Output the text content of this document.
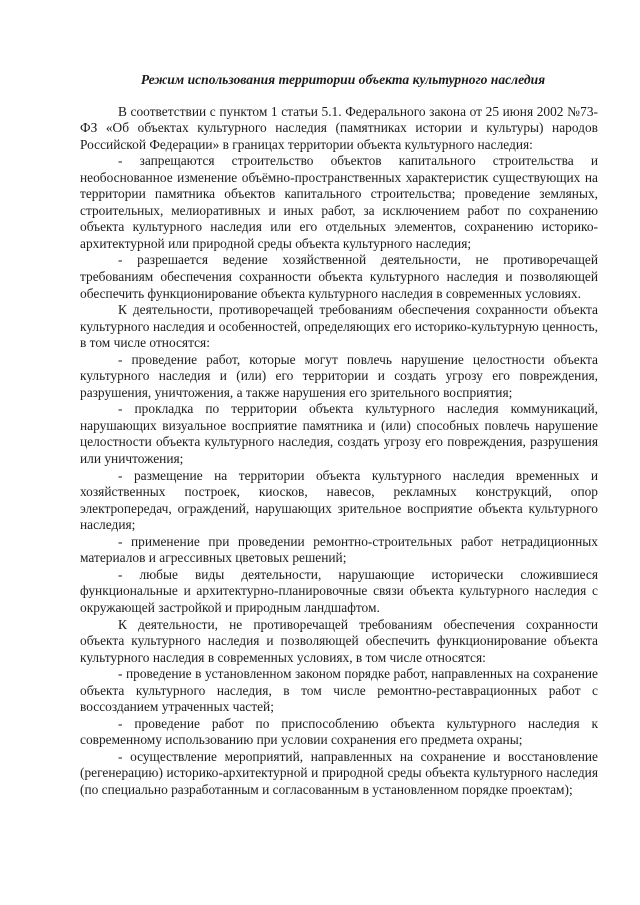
Режим использования территории объекта культурного наследия

В соответствии с пунктом 1 статьи 5.1. Федерального закона от 25 июня 2002 №73-ФЗ «Об объектах культурного наследия (памятниках истории и культуры) народов Российской Федерации» в границах территории объекта культурного наследия:

- запрещаются строительство объектов капитального строительства и необоснованное изменение объёмно-пространственных характеристик существующих на территории памятника объектов капитального строительства; проведение земляных, строительных, мелиоративных и иных работ, за исключением работ по сохранению объекта культурного наследия или его отдельных элементов, сохранению историко-архитектурной или природной среды объекта культурного наследия;

- разрешается ведение хозяйственной деятельности, не противоречащей требованиям обеспечения сохранности объекта культурного наследия и позволяющей обеспечить функционирование объекта культурного наследия в современных условиях.

К деятельности, противоречащей требованиям обеспечения сохранности объекта культурного наследия и особенностей, определяющих его историко-культурную ценность, в том числе относятся:

- проведение работ, которые могут повлечь нарушение целостности объекта культурного наследия и (или) его территории и создать угрозу его повреждения, разрушения, уничтожения, а также нарушения его зрительного восприятия;

- прокладка по территории объекта культурного наследия коммуникаций, нарушающих визуальное восприятие памятника и (или) способных повлечь нарушение целостности объекта культурного наследия, создать угрозу его повреждения, разрушения или уничтожения;

- размещение на территории объекта культурного наследия временных и хозяйственных построек, киосков, навесов, рекламных конструкций, опор электропередач, ограждений, нарушающих зрительное восприятие объекта культурного наследия;

- применение при проведении ремонтно-строительных работ нетрадиционных материалов и агрессивных цветовых решений;

- любые виды деятельности, нарушающие исторически сложившиеся функциональные и архитектурно-планировочные связи объекта культурного наследия с окружающей застройкой и природным ландшафтом.

К деятельности, не противоречащей требованиям обеспечения сохранности объекта культурного наследия и позволяющей обеспечить функционирование объекта культурного наследия в современных условиях, в том числе относятся:

- проведение в установленном законом порядке работ, направленных на сохранение объекта культурного наследия, в том числе ремонтно-реставрационных работ с воссозданием утраченных частей;

- проведение работ по приспособлению объекта культурного наследия к современному использованию при условии сохранения его предмета охраны;

- осуществление мероприятий, направленных на сохранение и восстановление (регенерацию) историко-архитектурной и природной среды объекта культурного наследия (по специально разработанным и согласованным в установленном порядке проектам);
